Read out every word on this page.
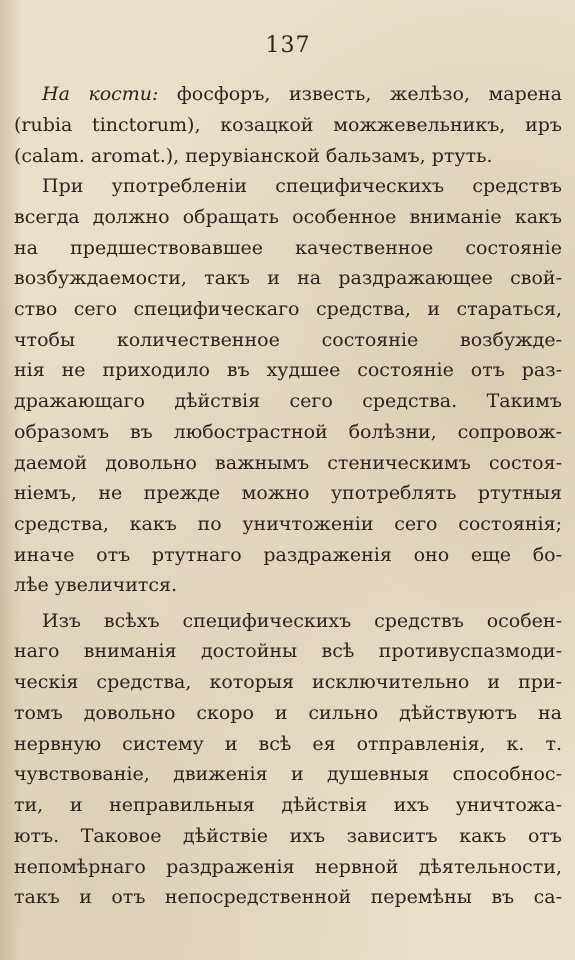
137
На кости: фосфоръ, известь, желѣзо, марена
(rubia tinctorum), козацкой можжевельникъ, иръ
(calam. aromat.), перувіанской бальзамъ, ртуть.
При употребленіи специфическихъ средствъ
всегда должно обращать особенное вниманіе какъ
на предшествовавшее качественное состояніе
возбуждаемости, такъ и на раздражающее свой-
ство сего специфическаго средства, и стараться,
чтобы количественное состояніе возбужде-
нія не приходило въ худшее состояніе отъ раз-
дражающаго дѣйствія сего средства. Такимъ
образомъ въ любострастной болѣзни, сопровож-
даемой довольно важнымъ стеническимъ состоя-
ніемъ, не прежде можно употреблять ртутныя
средства, какъ по уничтоженіи сего состоянія;
иначе отъ ртутнаго раздраженія оно еще бо-
лѣе увеличится.
Изъ всѣхъ специфическихъ средствъ особен-
наго вниманія достойны всѣ противуспазмоди-
ческія средства, которыя исключительно и при-
томъ довольно скоро и сильно дѣйствуютъ на
нервную систему и всѣ ея отправленія, к. т.
чувствованіе, движенія и душевныя способнос-
ти, и неправильныя дѣйствія ихъ уничтожа-
ютъ. Таковое дѣйствіе ихъ зависитъ какъ отъ
непомѣрнаго раздраженія нервной дѣятельности,
такъ и отъ непосредственной перемѣны въ са-
